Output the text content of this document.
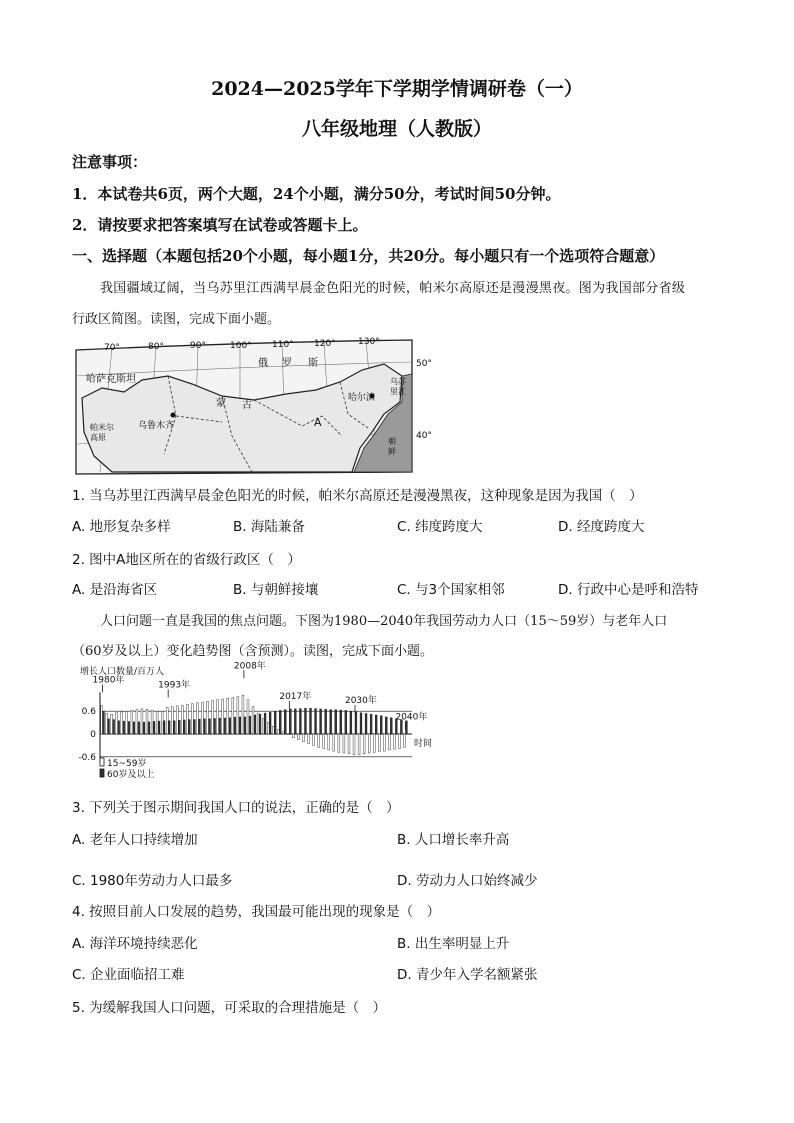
2024—2025学年下学期学情调研卷（一）
八年级地理（人教版）
注意事项：
1．本试卷共6页，两个大题，24个小题，满分50分，考试时间50分钟。
2．请按要求把答案填写在试卷或答题卡上。
一、选择题（本题包括20个小题，每小题1分，共20分。每小题只有一个选项符合题意）
我国疆域辽阔，当乌苏里江西满早晨金色阳光的时候，帕米尔高原还是漫漫黑夜。图为我国部分省级
行政区简图。读图，完成下面小题。
70°	80°	90°	100° 110° 120° 130°
50°
40°
哈萨克斯坦
俄 罗 斯
蒙 古
乌鲁木齐
哈尔滨
乌苏
里江
帕米尔
高原	朝
鲜
A
1. 当乌苏里江西满早晨金色阳光的时候，帕米尔高原还是漫漫黑夜，这种现象是因为我国（　）
A. 地形复杂多样	B. 海陆兼备	C. 纬度跨度大	D. 经度跨度大
2. 图中A地区所在的省级行政区（　）
A. 是沿海省区	B. 与朝鲜接壤	C. 与3个国家相邻	D. 行政中心是呼和浩特
人口问题一直是我国的焦点问题。下图为1980—2040年我国劳动力人口（15～59岁）与老年人口
（60岁及以上）变化趋势图（含预测）。读图，完成下面小题。
增长人口数量/百万人
时间
0.6
0
-0.6
1980年	1993年
2008年
2017年	2030年
2040年
15~59岁
60岁及以上
3. 下列关于图示期间我国人口的说法，正确的是（　）
A. 老年人口持续增加	B. 人口增长率升高
C. 1980年劳动力人口最多	D. 劳动力人口始终减少
4. 按照目前人口发展的趋势，我国最可能出现的现象是（　）
A. 海洋环境持续恶化	B. 出生率明显上升
C. 企业面临招工难	D. 青少年入学名额紧张
5. 为缓解我国人口问题，可采取的合理措施是（　）
